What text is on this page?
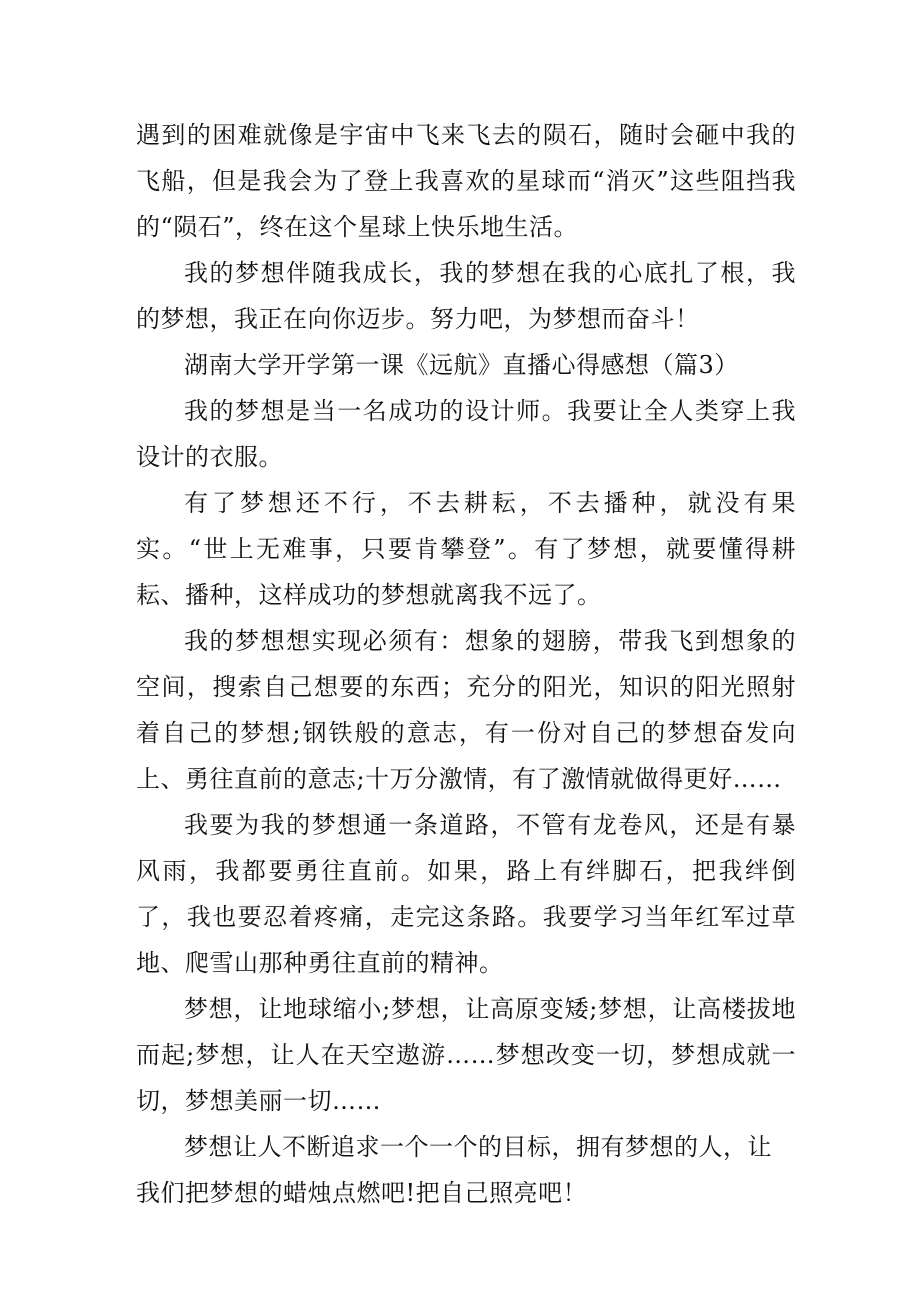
遇到的困难就像是宇宙中飞来飞去的陨石，随时会砸中我的飞船，但是我会为了登上我喜欢的星球而“消灭”这些阻挡我的“陨石”，终在这个星球上快乐地生活。

我的梦想伴随我成长，我的梦想在我的心底扎了根，我的梦想，我正在向你迈步。努力吧，为梦想而奋斗！

湖南大学开学第一课《远航》直播心得感想（篇3）

我的梦想是当一名成功的设计师。我要让全人类穿上我设计的衣服。

有了梦想还不行，不去耕耘，不去播种，就没有果实。“世上无难事，只要肯攀登”。有了梦想，就要懂得耕耘、播种，这样成功的梦想就离我不远了。

我的梦想想实现必须有：想象的翅膀，带我飞到想象的空间，搜索自己想要的东西；充分的阳光，知识的阳光照射着自己的梦想;钢铁般的意志，有一份对自己的梦想奋发向上、勇往直前的意志;十万分激情，有了激情就做得更好……

我要为我的梦想通一条道路，不管有龙卷风，还是有暴风雨，我都要勇往直前。如果，路上有绊脚石，把我绊倒了，我也要忍着疼痛，走完这条路。我要学习当年红军过草地、爬雪山那种勇往直前的精神。

梦想，让地球缩小;梦想，让高原变矮;梦想，让高楼拔地而起;梦想，让人在天空遨游……梦想改变一切，梦想成就一切，梦想美丽一切……

梦想让人不断追求一个一个的目标，拥有梦想的人，让

我们把梦想的蜡烛点燃吧!把自己照亮吧！
